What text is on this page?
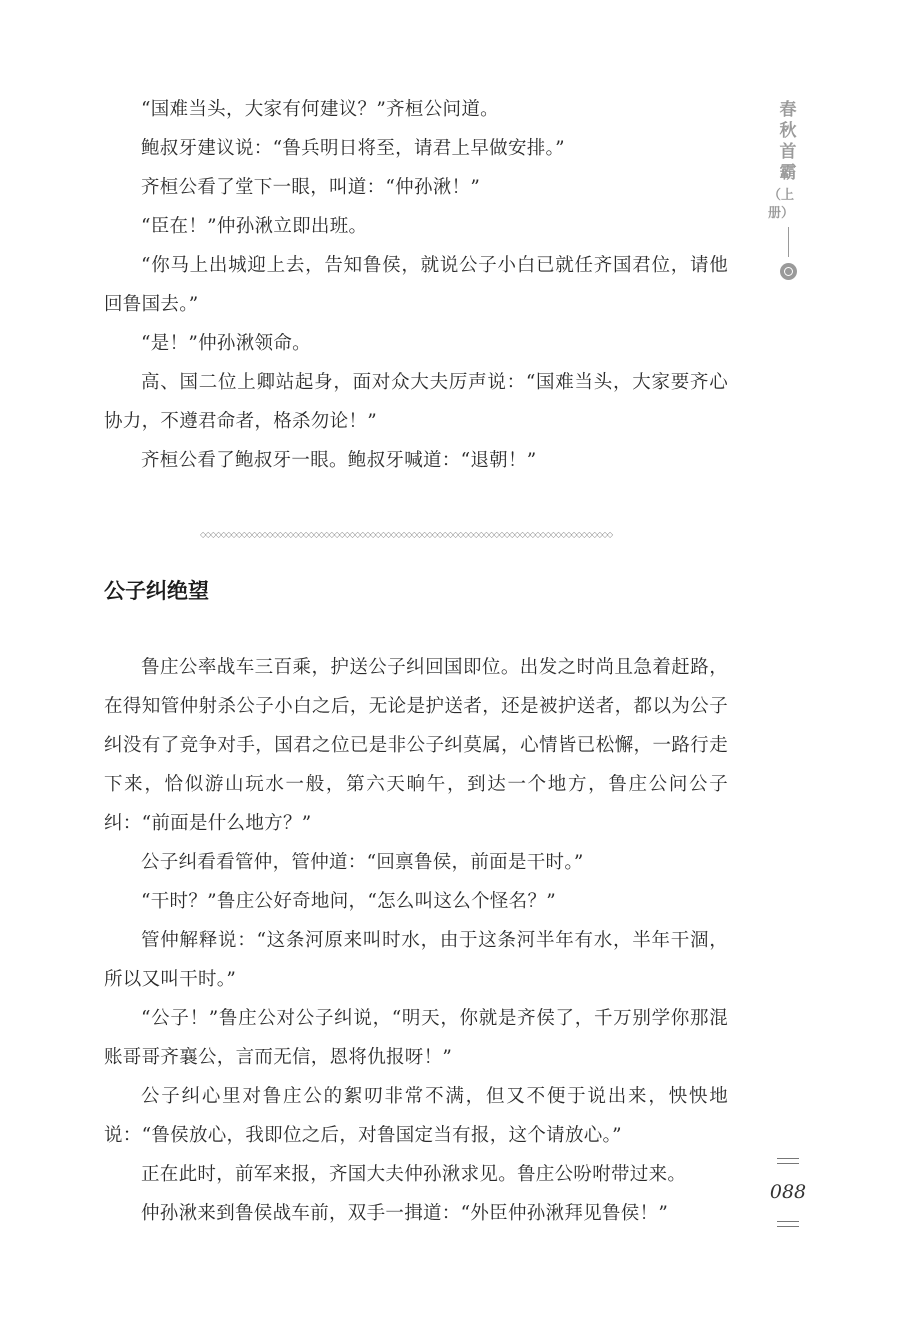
“国难当头，大家有何建议？”齐桓公问道。

鲍叔牙建议说：“鲁兵明日将至，请君上早做安排。”

齐桓公看了堂下一眼，叫道：“仲孙湫！”

“臣在！”仲孙湫立即出班。

“你马上出城迎上去，告知鲁侯，就说公子小白已就任齐国君位，请他回鲁国去。”

“是！”仲孙湫领命。

高、国二位上卿站起身，面对众大夫厉声说：“国难当头，大家要齐心协力，不遵君命者，格杀勿论！”

齐桓公看了鲍叔牙一眼。鲍叔牙喊道：“退朝！”

◇◇◇◇◇◇◇◇◇◇◇◇◇◇◇◇◇◇◇◇◇◇◇◇◇◇◇◇◇◇◇◇◇◇◇◇◇◇◇◇◇◇◇◇◇◇◇◇◇◇◇◇◇◇◇◇◇◇◇◇◇◇◇◇◇◇◇◇◇◇◇◇◇◇◇◇◇◇◇◇
公子纠绝望

鲁庄公率战车三百乘，护送公子纠回国即位。出发之时尚且急着赶路，在得知管仲射杀公子小白之后，无论是护送者，还是被护送者，都以为公子纠没有了竞争对手，国君之位已是非公子纠莫属，心情皆已松懈，一路行走下来，恰似游山玩水一般，第六天晌午，到达一个地方，鲁庄公问公子纠：“前面是什么地方？”

公子纠看看管仲，管仲道：“回禀鲁侯，前面是干时。”

“干时？”鲁庄公好奇地问，“怎么叫这么个怪名？”

管仲解释说：“这条河原来叫时水，由于这条河半年有水，半年干涸，所以又叫干时。”

“公子！”鲁庄公对公子纠说，“明天，你就是齐侯了，千万别学你那混账哥哥齐襄公，言而无信，恩将仇报呀！”

公子纠心里对鲁庄公的絮叨非常不满，但又不便于说出来，怏怏地说：“鲁侯放心，我即位之后，对鲁国定当有报，这个请放心。”

正在此时，前军来报，齐国大夫仲孙湫求见。鲁庄公吩咐带过来。

仲孙湫来到鲁侯战车前，双手一揖道：“外臣仲孙湫拜见鲁侯！”

春
秋
首
霸
（上册）
088
